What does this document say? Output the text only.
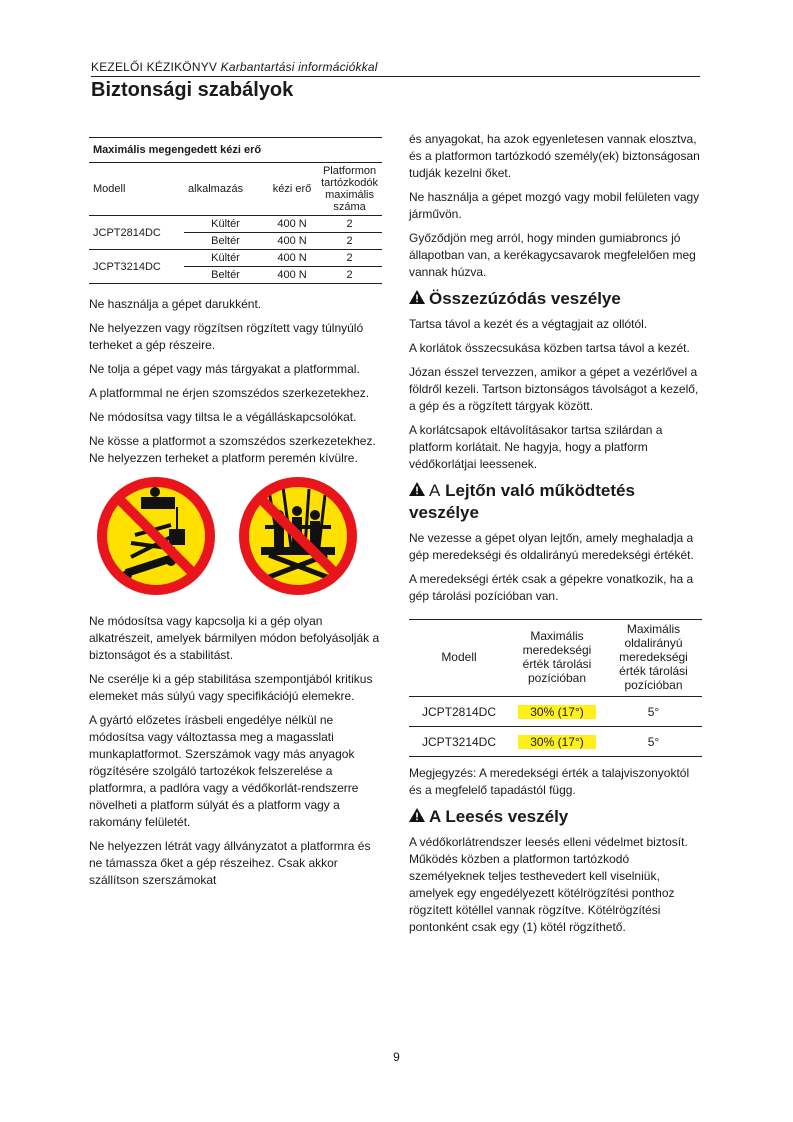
KEZELŐI KÉZIKÖNYV Karbantartási információkkal
Biztonsági szabályok
Maximális megengedett kézi erő			
Modell	alkalmazás	kézi erő	Platformon tartózkodók maximális száma
JCPT2814DC	Kültér	400 N	2
	Beltér	400 N	2
JCPT3214DC	Kültér	400 N	2
	Beltér	400 N	2

Ne használja a gépet darukként.

Ne helyezzen vagy rögzítsen rögzített vagy túlnyúló terheket a gép részeire.

Ne tolja a gépet vagy más tárgyakat a platformmal.

A platformmal ne érjen szomszédos szerkezetekhez.

Ne módosítsa vagy tiltsa le a végálláskapcsolókat.

Ne kösse a platformot a szomszédos szerkezetekhez.

Ne helyezzen terheket a platform peremén kívülre.

Ne módosítsa vagy kapcsolja ki a gép olyan alkatrészeit, amelyek bármilyen módon befolyásolják a biztonságot és a stabilitást.

Ne cserélje ki a gép stabilitása szempontjából kritikus elemeket más súlyú vagy specifikációjú elemekre.

A gyártó előzetes írásbeli engedélye nélkül ne módosítsa vagy változtassa meg a magasslati munkaplatformot. Szerszámok vagy más anyagok rögzítésére szolgáló tartozékok felszerelése a platformra, a padlóra vagy a védőkorlát-rendszerre növelheti a platform súlyát és a platform vagy a rakomány felületét.

Ne helyezzen létrát vagy állványzatot a platformra és ne támassza őket a gép részeihez. Csak akkor szállítson szerszámokat

és anyagokat, ha azok egyenletesen vannak elosztva, és a platformon tartózkodó személy(ek) biztonságosan tudják kezelni őket.

Ne használja a gépet mozgó vagy mobil felületen vagy járművön.

Győződjön meg arról, hogy minden gumiabroncs jó állapotban van, a kerékagycsavarok megfelelően meg vannak húzva.

Összezúzódás veszélye

Tartsa távol a kezét és a végtagjait az ollótól.

A korlátok összecsukása közben tartsa távol a kezét.

Józan ésszel tervezzen, amikor a gépet a vezérlővel a földről kezeli. Tartson biztonságos távolságot a kezelő, a gép és a rögzített tárgyak között.

A korlátcsapok eltávolításakor tartsa szilárdan a platform korlátait. Ne hagyja, hogy a platform védőkorlátjai leessenek.

A Lejtőn való működtetés veszélye

Ne vezesse a gépet olyan lejtőn, amely meghaladja a gép meredekségi és oldalirányú meredekségi értékét.

A meredekségi érték csak a gépekre vonatkozik, ha a gép tárolási pozícióban van.

Modell	Maximális meredekségi érték tárolási pozícióban	Maximális oldalirányú meredekségi érték tárolási pozícióban
JCPT2814DC	30% (17°)	5°
JCPT3214DC	30% (17°)	5°

Megjegyzés: A meredekségi érték a talajviszonyoktól és a megfelelő tapadástól függ.

A Leesés veszély

A védőkorlátrendszer leesés elleni védelmet biztosít. Működés közben a platformon tartózkodó személyeknek teljes testhevedert kell viselniük, amelyek egy engedélyezett kötélrögzítési ponthoz rögzített kötéllel vannak rögzítve. Kötélrögzítési pontonként csak egy (1) kötél rögzíthető.

9
